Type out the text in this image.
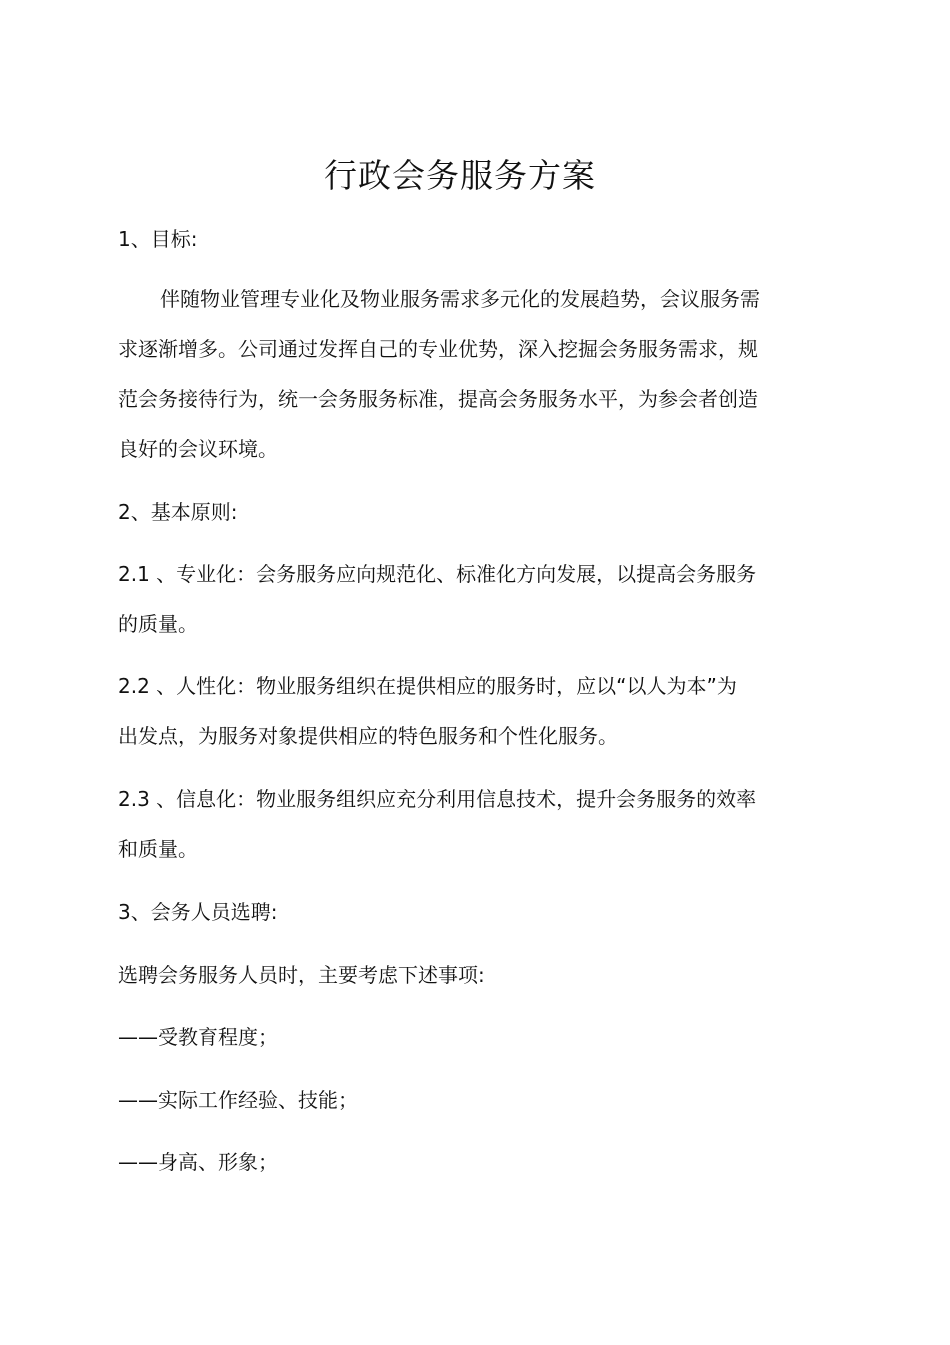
行政会务服务方案
1、目标:
伴随物业管理专业化及物业服务需求多元化的发展趋势，会议服务需
求逐渐增多。公司通过发挥自己的专业优势，深入挖掘会务服务需求，规
范会务接待行为，统一会务服务标准，提高会务服务水平，为参会者创造
良好的会议环境。
2、基本原则:
2.1 、专业化：会务服务应向规范化、标准化方向发展，以提高会务服务
的质量。
2.2 、人性化：物业服务组织在提供相应的服务时，应以“以人为本”为
出发点，为服务对象提供相应的特色服务和个性化服务。
2.3 、信息化：物业服务组织应充分利用信息技术，提升会务服务的效率
和质量。
3、会务人员选聘:
选聘会务服务人员时，主要考虑下述事项:
——受教育程度；
——实际工作经验、技能；
——身高、形象；
